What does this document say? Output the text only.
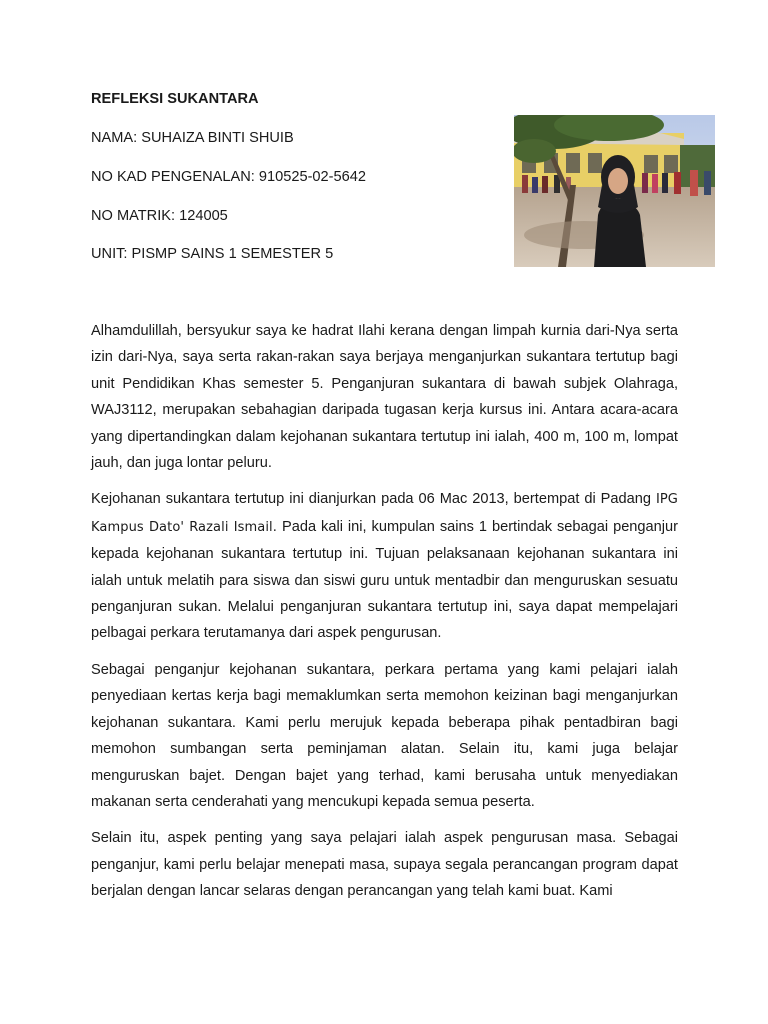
REFLEKSI SUKANTARA

NAMA: SUHAIZA BINTI SHUIB

NO KAD PENGENALAN: 910525-02-5642

NO MATRIK: 124005

UNIT: PISMP SAINS 1 SEMESTER 5

Alhamdulillah, bersyukur saya ke hadrat Ilahi kerana dengan limpah kurnia dari-Nya serta izin dari-Nya, saya serta rakan-rakan saya berjaya menganjurkan sukantara tertutup bagi unit Pendidikan Khas semester 5. Penganjuran sukantara di bawah subjek Olahraga, WAJ3112, merupakan sebahagian daripada tugasan kerja kursus ini. Antara acara-acara yang dipertandingkan dalam kejohanan sukantara tertutup ini ialah, 400 m, 100 m, lompat jauh, dan juga lontar peluru.

Kejohanan sukantara tertutup ini dianjurkan pada 06 Mac 2013, bertempat di Padang IPG Kampus Dato' Razali Ismail. Pada kali ini, kumpulan sains 1 bertindak sebagai penganjur kepada kejohanan sukantara tertutup ini. Tujuan pelaksanaan kejohanan sukantara ini ialah untuk melatih para siswa dan siswi guru untuk mentadbir dan menguruskan sesuatu penganjuran sukan. Melalui penganjuran sukantara tertutup ini, saya dapat mempelajari pelbagai perkara terutamanya dari aspek pengurusan.

Sebagai penganjur kejohanan sukantara, perkara pertama yang kami pelajari ialah penyediaan kertas kerja bagi memaklumkan serta memohon keizinan bagi menganjurkan kejohanan sukantara. Kami perlu merujuk kepada beberapa pihak pentadbiran bagi memohon sumbangan serta peminjaman alatan. Selain itu, kami juga belajar menguruskan bajet. Dengan bajet yang terhad, kami berusaha untuk menyediakan makanan serta cenderahati yang mencukupi kepada semua peserta.

Selain itu, aspek penting yang saya pelajari ialah aspek pengurusan masa. Sebagai penganjur, kami perlu belajar menepati masa, supaya segala perancangan program dapat berjalan dengan lancar selaras dengan perancangan yang telah kami buat. Kami
